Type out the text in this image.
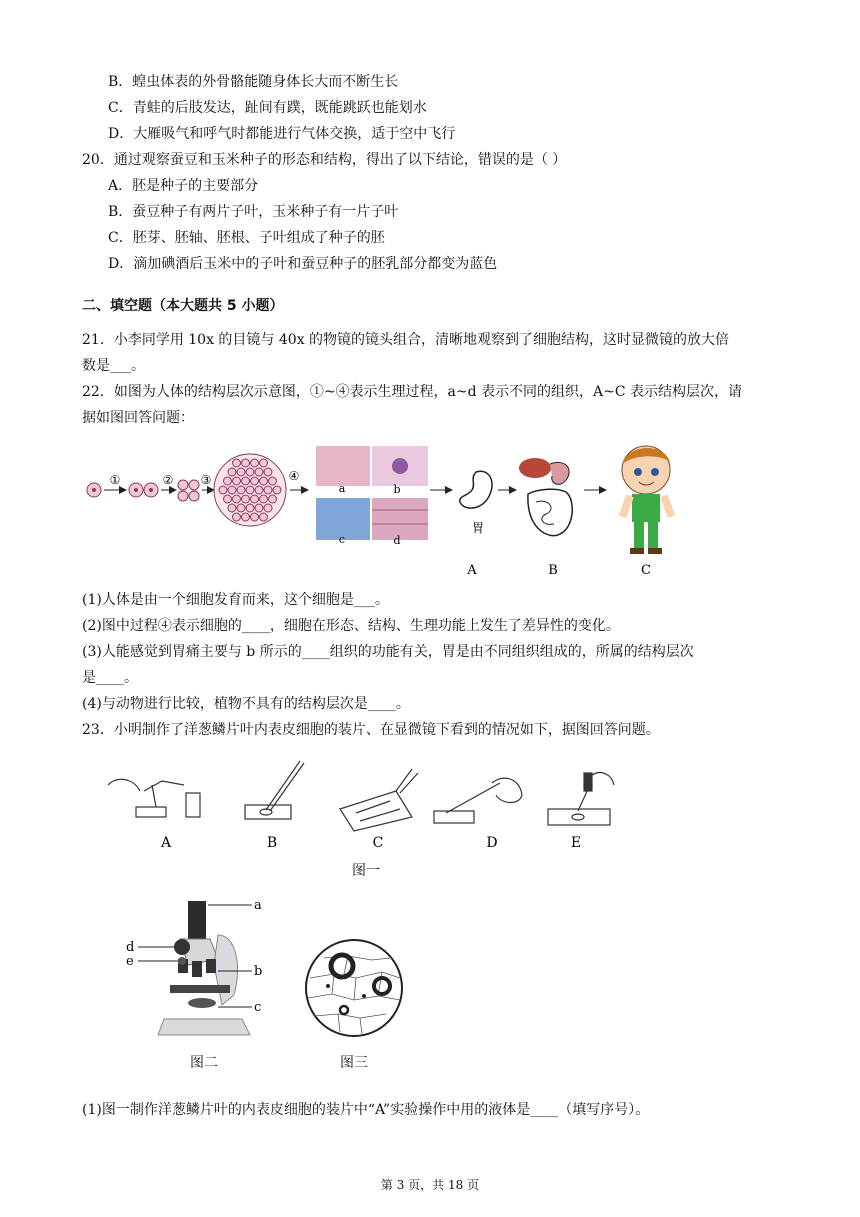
B．蝗虫体表的外骨骼能随身体长大而不断生长
C．青蛙的后肢发达，趾间有蹼，既能跳跃也能划水
D．大雁吸气和呼气时都能进行气体交换，适于空中飞行
20．通过观察蚕豆和玉米种子的形态和结构，得出了以下结论，错误的是（ ）
A．胚是种子的主要部分
B．蚕豆种子有两片子叶，玉米种子有一片子叶
C．胚芽、胚轴、胚根、子叶组成了种子的胚
D．滴加碘酒后玉米中的子叶和蚕豆种子的胚乳部分都变为蓝色
二、填空题（本大题共 5 小题）
21．小李同学用 10x 的目镜与 40x 的物镜的镜头组合，清晰地观察到了细胞结构，这时显微镜的放大倍
数是___。
22．如图为人体的结构层次示意图，①~④表示生理过程，a~d 表示不同的组织，A~C 表示结构层次，请
据如图回答问题：
①	② ③	④
a	b
c	d
胃
A	B	C
(1)人体是由一个细胞发育而来，这个细胞是___。
(2)图中过程④表示细胞的____，细胞在形态、结构、生理功能上发生了差异性的变化。
(3)人能感觉到胃痛主要与 b 所示的____组织的功能有关，胃是由不同组织组成的，所属的结构层次
是____。
(4)与动物进行比较，植物不具有的结构层次是____。
23．小明制作了洋葱鳞片叶内表皮细胞的装片、在显微镜下看到的情况如下，据图回答问题。
A	B	C	D	E
图一
a
b
c
d
e
图二	图三
(1)图一制作洋葱鳞片叶的内表皮细胞的装片中“A”实验操作中用的液体是____（填写序号）。
第 3 页，共 18 页
